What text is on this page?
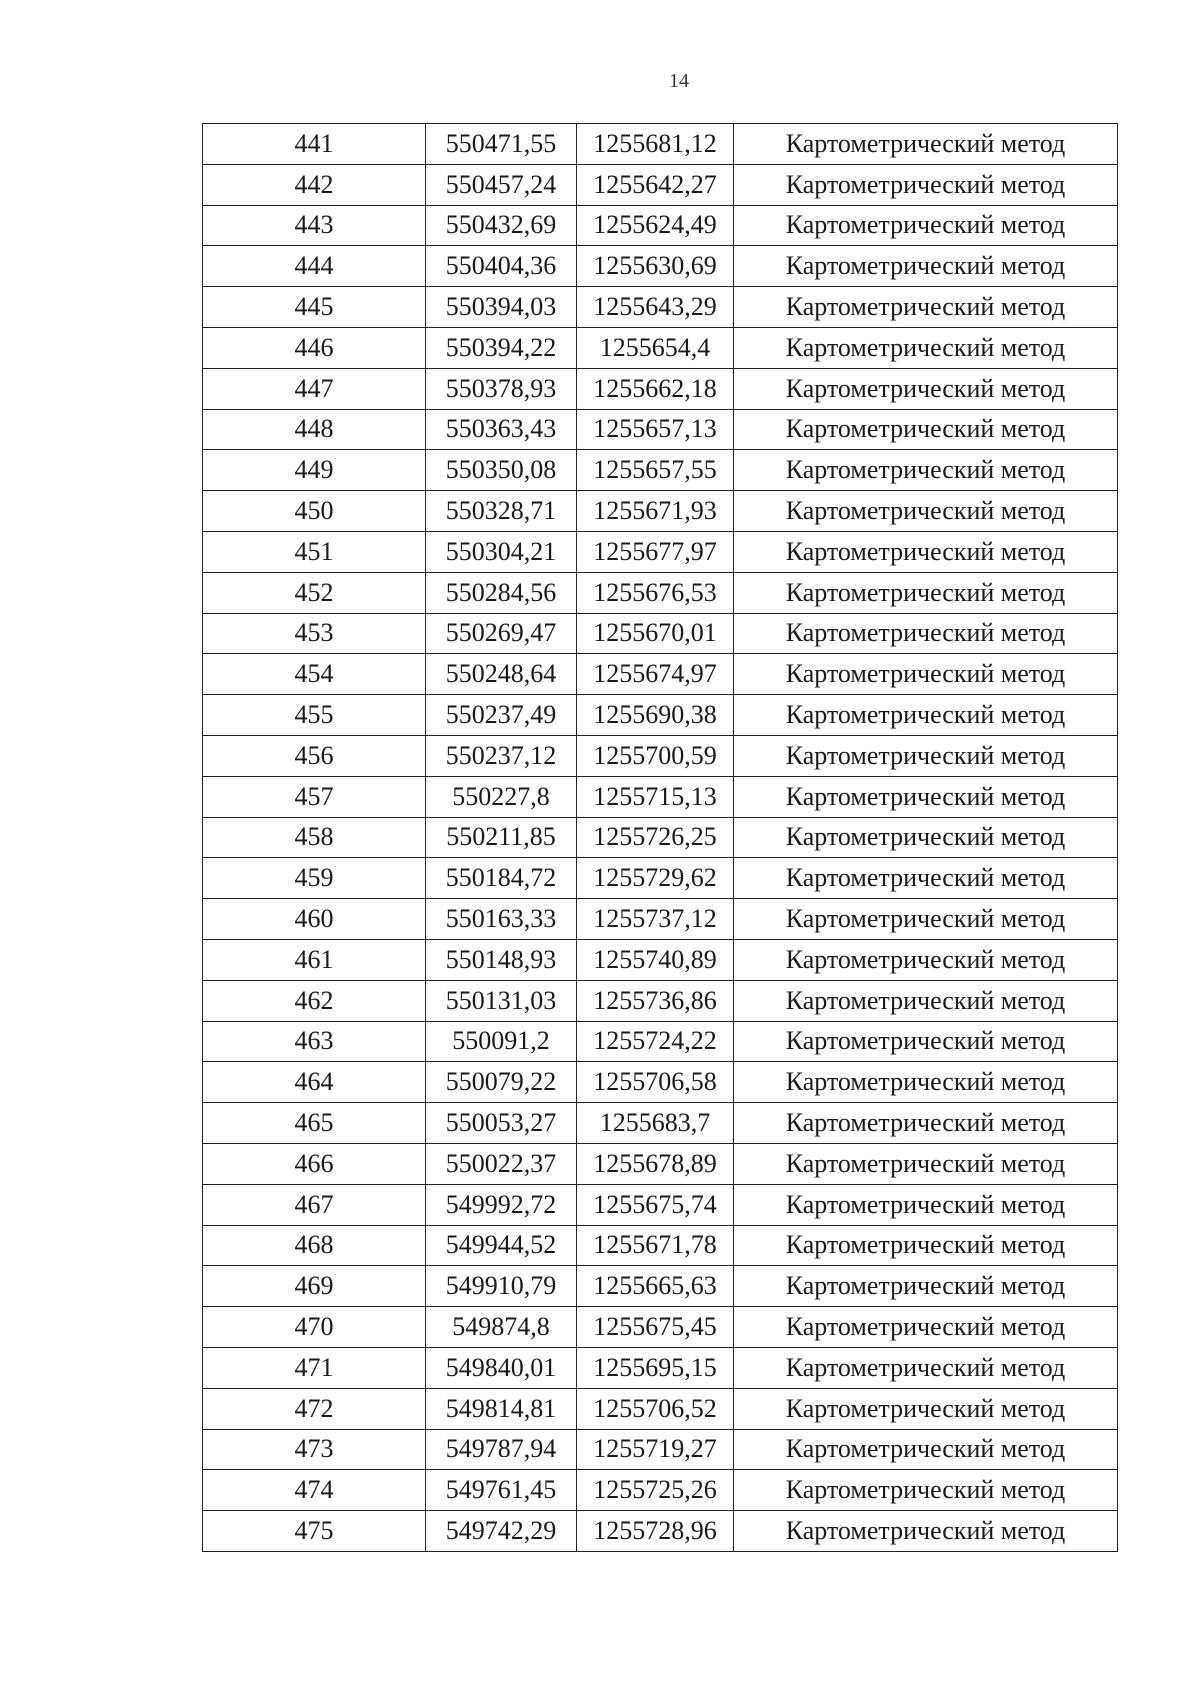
14
441	550471,55	1255681,12	Картометрический метод
442	550457,24	1255642,27	Картометрический метод
443	550432,69	1255624,49	Картометрический метод
444	550404,36	1255630,69	Картометрический метод
445	550394,03	1255643,29	Картометрический метод
446	550394,22	1255654,4	Картометрический метод
447	550378,93	1255662,18	Картометрический метод
448	550363,43	1255657,13	Картометрический метод
449	550350,08	1255657,55	Картометрический метод
450	550328,71	1255671,93	Картометрический метод
451	550304,21	1255677,97	Картометрический метод
452	550284,56	1255676,53	Картометрический метод
453	550269,47	1255670,01	Картометрический метод
454	550248,64	1255674,97	Картометрический метод
455	550237,49	1255690,38	Картометрический метод
456	550237,12	1255700,59	Картометрический метод
457	550227,8	1255715,13	Картометрический метод
458	550211,85	1255726,25	Картометрический метод
459	550184,72	1255729,62	Картометрический метод
460	550163,33	1255737,12	Картометрический метод
461	550148,93	1255740,89	Картометрический метод
462	550131,03	1255736,86	Картометрический метод
463	550091,2	1255724,22	Картометрический метод
464	550079,22	1255706,58	Картометрический метод
465	550053,27	1255683,7	Картометрический метод
466	550022,37	1255678,89	Картометрический метод
467	549992,72	1255675,74	Картометрический метод
468	549944,52	1255671,78	Картометрический метод
469	549910,79	1255665,63	Картометрический метод
470	549874,8	1255675,45	Картометрический метод
471	549840,01	1255695,15	Картометрический метод
472	549814,81	1255706,52	Картометрический метод
473	549787,94	1255719,27	Картометрический метод
474	549761,45	1255725,26	Картометрический метод
475	549742,29	1255728,96	Картометрический метод
